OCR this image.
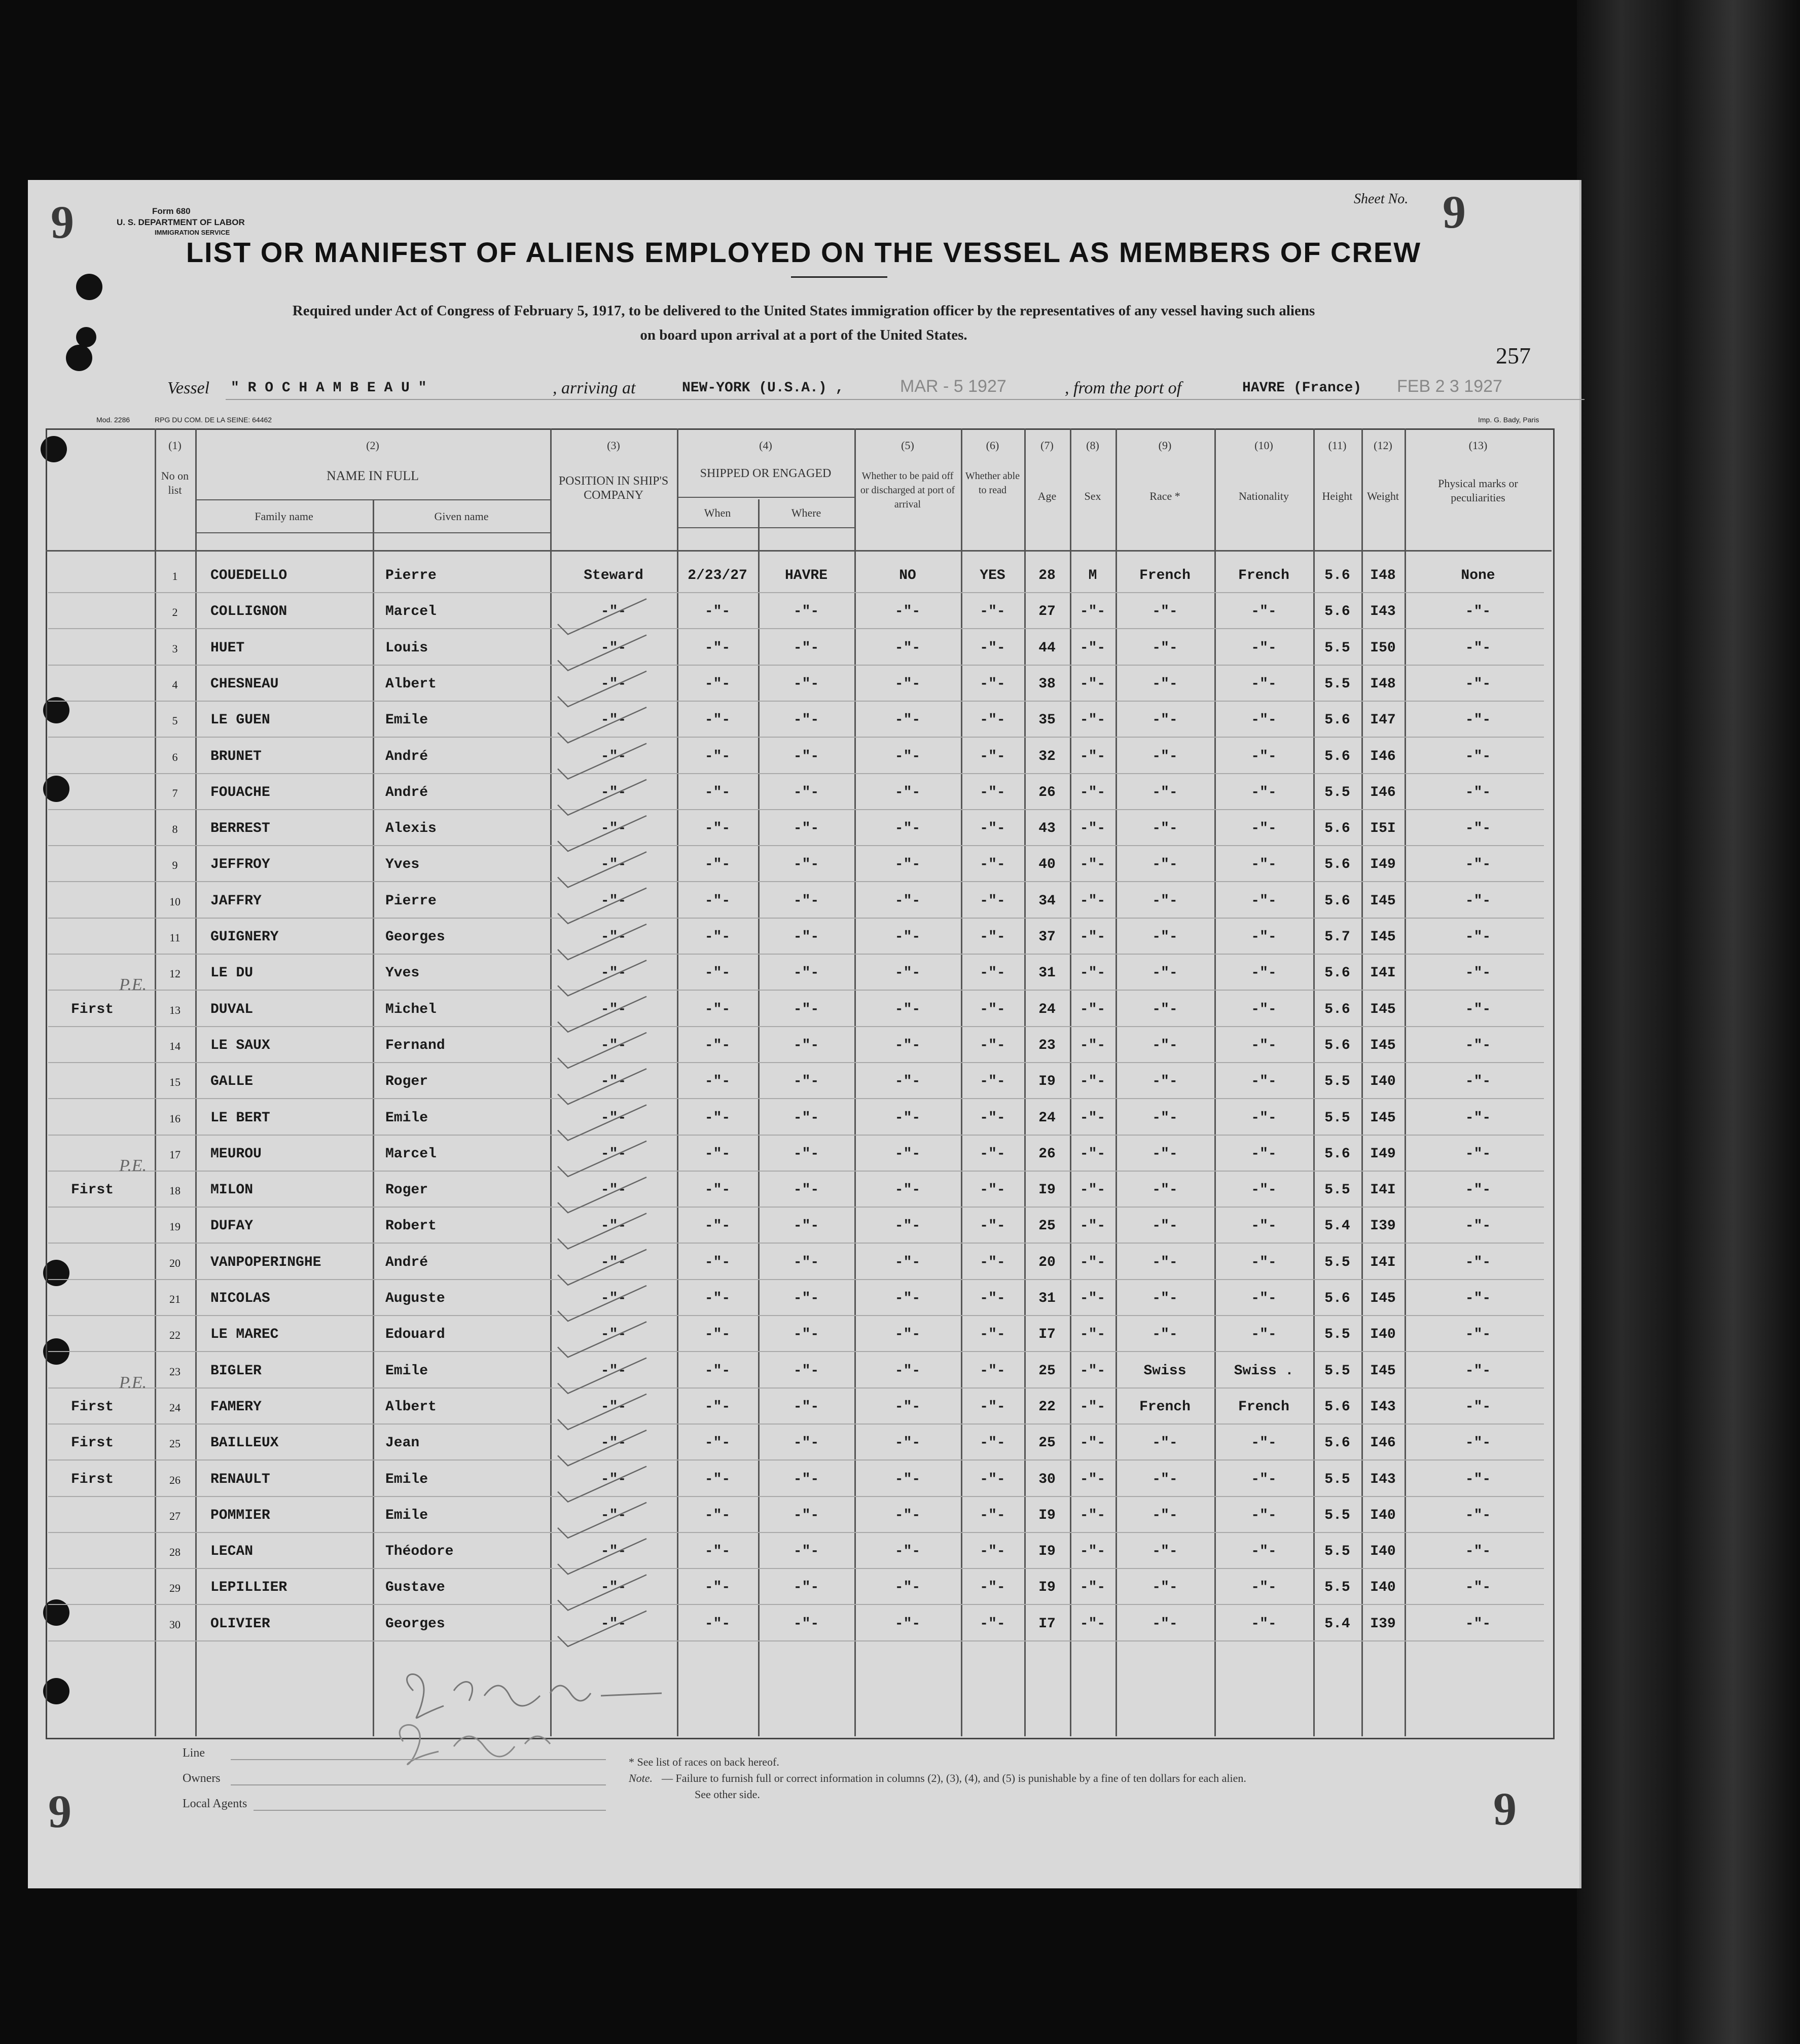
9	9
9	9
Form 680
U. S. DEPARTMENT OF LABOR
IMMIGRATION SERVICE
Sheet No.
257
LIST OR MANIFEST OF ALIENS EMPLOYED ON THE VESSEL AS MEMBERS OF CREW
Required under Act of Congress of February 5, 1917, to be delivered to the United States immigration officer by the representatives of any vessel having such aliens
on board upon arrival at a port of the United States.
Vessel " R O C H A M B E A U "	, arriving at	NEW-YORK (U.S.A.) ,	MAR - 5 1927	, from the port of	HAVRE (France) FEB 2 3 1927
Mod. 2286	RPG DU COM. DE LA SEINE: 64462	Imp. G. Bady, Paris
(1)
No on list
(2)
NAME IN FULL
Family name	Given name
(3)
POSITION IN SHIP'S COMPANY
(4)
SHIPPED OR ENGAGED
When	Where
(5)
Whether to be paid off or discharged at port of arrival
(6)
Whether able to read
(7)
Age
(8)
Sex
(9)
Race *
(10)
Nationality
(11)
Height
(12)
Weight
(13)
Physical marks or peculiarities
1	COUEDELLO	Pierre	Steward	2/23/27	HAVRE	NO	YES	28	M	French	French	5.6	I48	None
2	COLLIGNON	Marcel	-"-	-"-	-"-	-"-	-"-	27	-"-	-"-	-"-	5.6	I43	-"-
3	HUET	Louis	-"-	-"-	-"-	-"-	-"-	44	-"-	-"-	-"-	5.5	I50	-"-
4	CHESNEAU	Albert	-"-	-"-	-"-	-"-	-"-	38	-"-	-"-	-"-	5.5	I48	-"-
5	LE GUEN	Emile	-"-	-"-	-"-	-"-	-"-	35	-"-	-"-	-"-	5.6	I47	-"-
6	BRUNET	André	-"-	-"-	-"-	-"-	-"-	32	-"-	-"-	-"-	5.6	I46	-"-
7	FOUACHE	André	-"-	-"-	-"-	-"-	-"-	26	-"-	-"-	-"-	5.5	I46	-"-
8	BERREST	Alexis	-"-	-"-	-"-	-"-	-"-	43	-"-	-"-	-"-	5.6	I5I	-"-
9	JEFFROY	Yves	-"-	-"-	-"-	-"-	-"-	40	-"-	-"-	-"-	5.6	I49	-"-
10	JAFFRY	Pierre	-"-	-"-	-"-	-"-	-"-	34	-"-	-"-	-"-	5.6	I45	-"-
11	GUIGNERY	Georges	-"-	-"-	-"-	-"-	-"-	37	-"-	-"-	-"-	5.7	I45	-"-
12	LE DU	Yves	-"-	-"-	-"-	-"-	-"-	31	-"-	-"-	-"-	5.6	I4I	-"-
P.E.
13	DUVAL	Michel	-"-	-"-	-"-	-"-	-"-	24	-"-	-"-	-"-	5.6	I45	-"-
First
14	LE SAUX	Fernand	-"-	-"-	-"-	-"-	-"-	23	-"-	-"-	-"-	5.6	I45	-"-
15	GALLE	Roger	-"-	-"-	-"-	-"-	-"-	I9	-"-	-"-	-"-	5.5	I40	-"-
16	LE BERT	Emile	-"-	-"-	-"-	-"-	-"-	24	-"-	-"-	-"-	5.5	I45	-"-
17	MEUROU	Marcel	-"-	-"-	-"-	-"-	-"-	26	-"-	-"-	-"-	5.6	I49	-"-
P.E.
18	MILON	Roger	-"-	-"-	-"-	-"-	-"-	I9	-"-	-"-	-"-	5.5	I4I	-"-
First
19	DUFAY	Robert	-"-	-"-	-"-	-"-	-"-	25	-"-	-"-	-"-	5.4	I39	-"-
20	VANPOPERINGHE	André	-"-	-"-	-"-	-"-	-"-	20	-"-	-"-	-"-	5.5	I4I	-"-
21	NICOLAS	Auguste	-"-	-"-	-"-	-"-	-"-	31	-"-	-"-	-"-	5.6	I45	-"-
22	LE MAREC	Edouard	-"-	-"-	-"-	-"-	-"-	I7	-"-	-"-	-"-	5.5	I40	-"-
23	BIGLER	Emile	-"-	-"-	-"-	-"-	-"-	25	-"-	Swiss	Swiss .	5.5	I45	-"-
P.E.
24	FAMERY	Albert	-"-	-"-	-"-	-"-	-"-	22	-"-	French	French	5.6	I43	-"-
First
25	BAILLEUX	Jean	-"-	-"-	-"-	-"-	-"-	25	-"-	-"-	-"-	5.6	I46	-"-
First
26	RENAULT	Emile	-"-	-"-	-"-	-"-	-"-	30	-"-	-"-	-"-	5.5	I43	-"-
First
27	POMMIER	Emile	-"-	-"-	-"-	-"-	-"-	I9	-"-	-"-	-"-	5.5	I40	-"-
28	LECAN	Théodore	-"-	-"-	-"-	-"-	-"-	I9	-"-	-"-	-"-	5.5	I40	-"-
29	LEPILLIER	Gustave	-"-	-"-	-"-	-"-	-"-	I9	-"-	-"-	-"-	5.5	I40	-"-
30	OLIVIER	Georges	-"-	-"-	-"-	-"-	-"-	I7	-"-	-"-	-"-	5.4	I39	-"-
Line
Owners
Local Agents
* See list of races on back hereof.
Note. — Failure to furnish full or correct information in columns (2), (3), (4), and (5) is punishable by a fine of ten dollars for each alien.
See other side.
